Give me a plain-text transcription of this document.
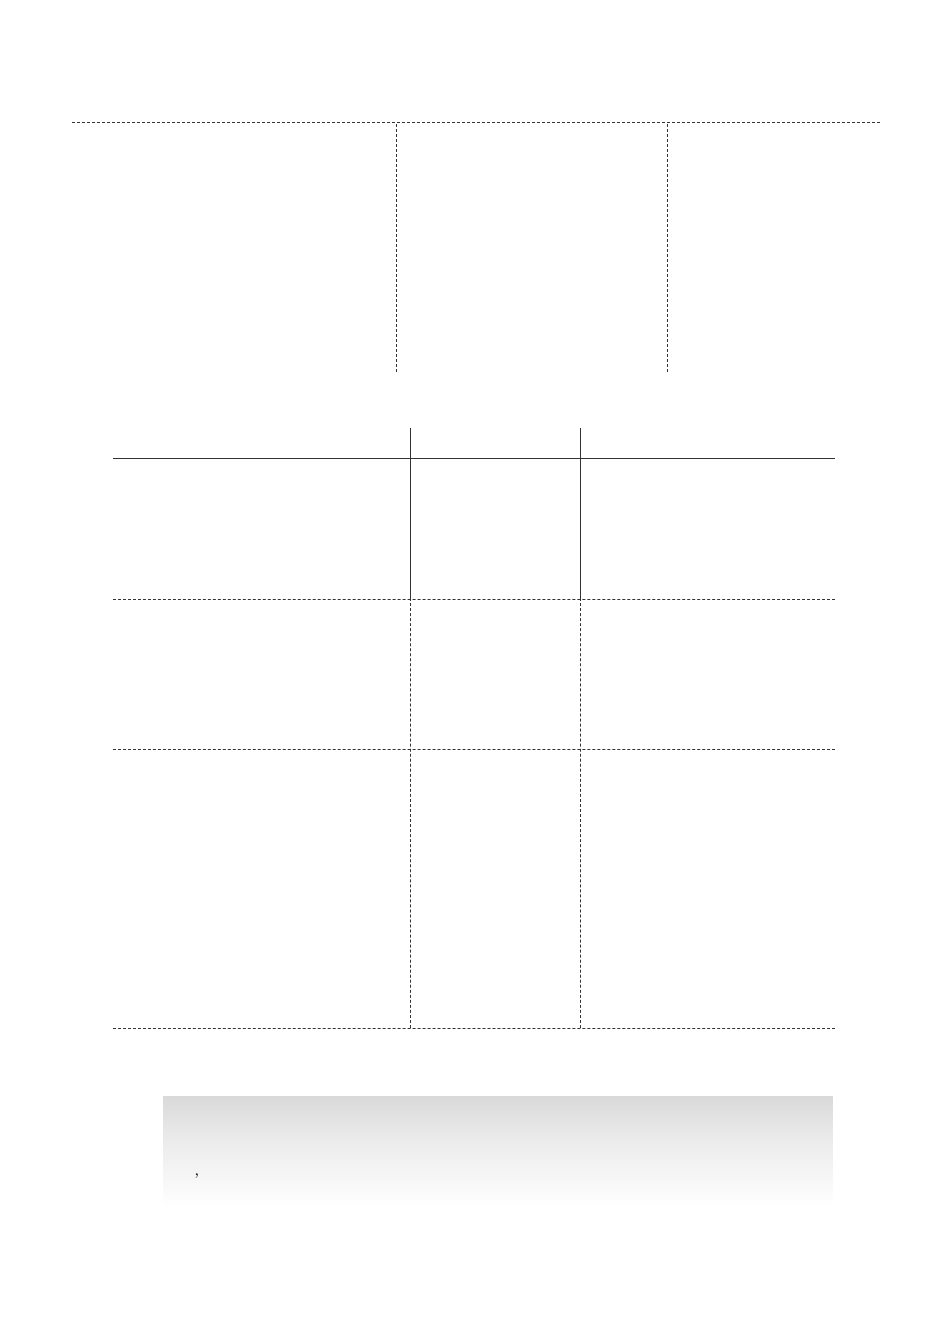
，
